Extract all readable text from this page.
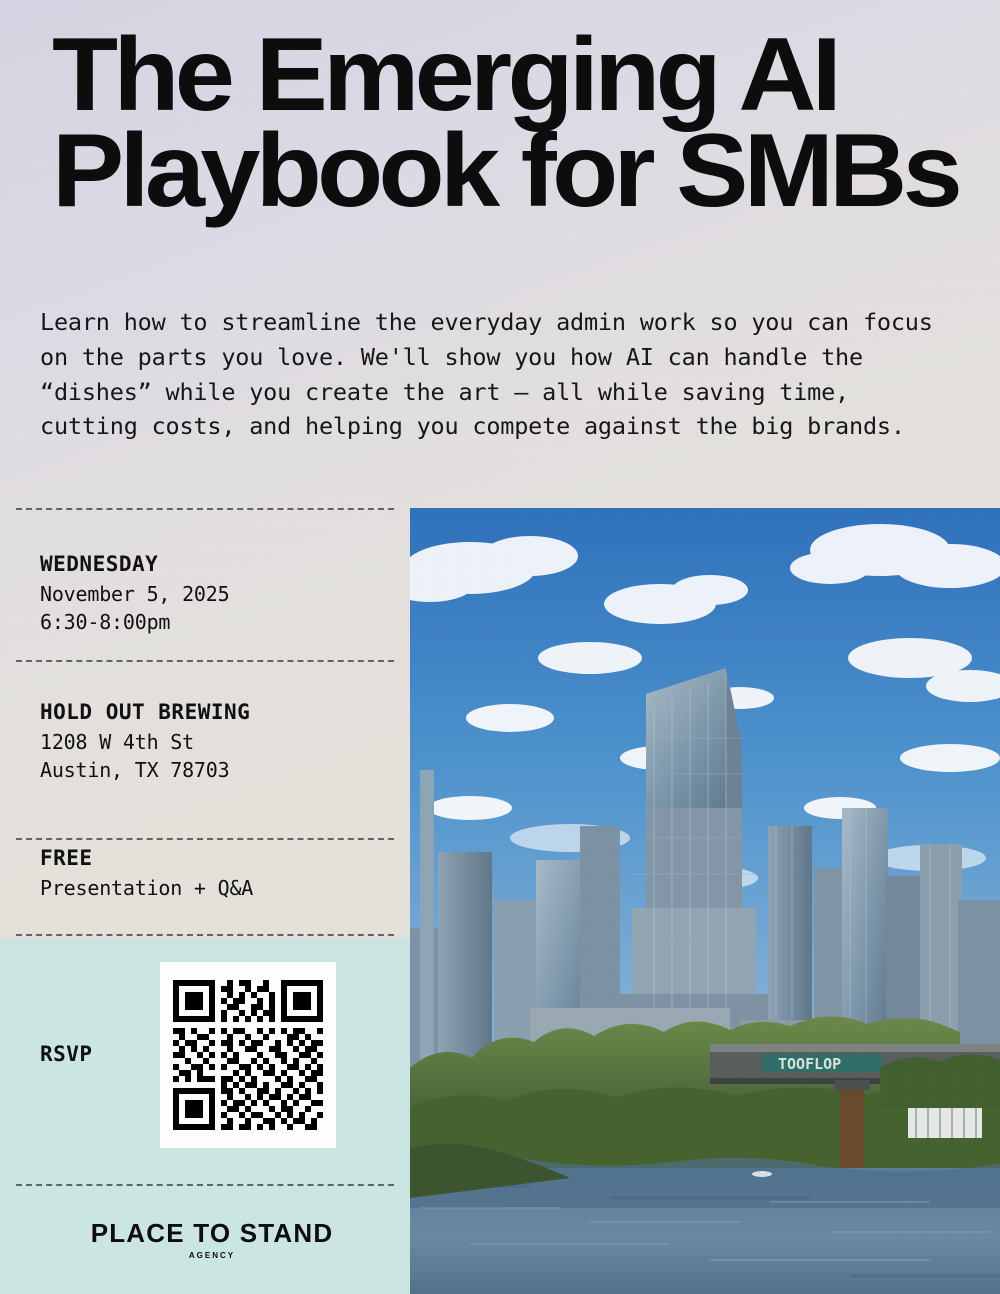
The Emerging AI
Playbook for SMBs

Learn how to streamline the everyday admin work so you can focus on the parts you love. We'll show you how AI can handle the “dishes” while you create the art — all while saving time, cutting costs, and helping you compete against the big brands.

WEDNESDAY
November 5, 2025
6:30-8:00pm
HOLD OUT BREWING
1208 W 4th St
Austin, TX 78703
FREE
Presentation + Q&A
RSVP
PLACE TO STAND
AGENCY
TOOFLOP
